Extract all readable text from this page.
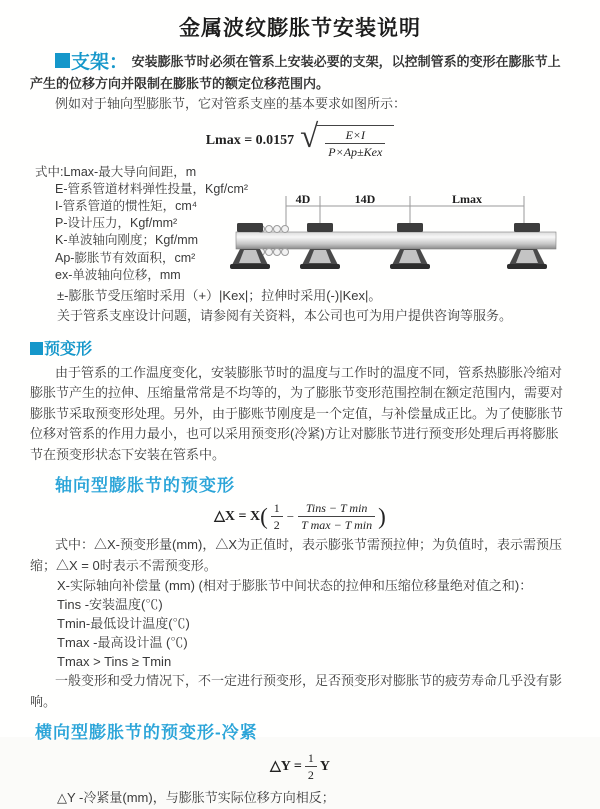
金属波纹膨胀节安装说明

支架： 安装膨胀节时必须在管系上安装必要的支架，以控制管系的变形在膨胀节上产生的位移方向并限制在膨胀节的额定位移范围内。

例如对于轴向型膨胀节，它对管系支座的基本要求如图所示：

Lmax = 0.0157 √ $\frac{E\times I}{\text{P×Ap±Kex}}$
式中:Lmax-最大导向间距，m
E-管系管道材料弹性投量，Kgf/cm²
I-管系管道的惯性矩，cm⁴
P-设计压力，Kgf/mm²
K-单波轴向刚度；Kgf/mm
Ap-膨胀节有效面积，cm²
ex-单波轴向位移，mm
4D	14D	Lmax

±-膨胀节受压缩时采用（+）|Kex|；拉伸时采用(-)|Kex|。

关于管系支座设计问题，请参阅有关资料，本公司也可为用户提供咨询等服务。

预变形

由于管系的工作温度变化，安装膨胀节时的温度与工作时的温度不同，管系热膨胀冷缩对膨胀节产生的拉伸、压缩量常常是不均等的，为了膨胀节变形范围控制在额定范围内，需要对膨胀节采取预变形处理。另外，由于膨账节刚度是一个定值，与补偿量成正比。为了使膨胀节位移对管系的作用力最小，也可以采用预变形(冷紧)方让对膨胀节进行预变形处理后再将膨胀节在预变形状态下安装在管系中。

轴向型膨胀节的预变形
△X = X ( $\frac{1}{2} - \frac{\text{Tins − T min}}{\text{T max − T min}}$ )

式中：△X-预变形量(mm)，△X为正值时，表示膨张节需预拉伸；为负值时，表示需预压缩；△X = 0时表示不需预变形。

X-实际轴向补偿量 (mm) (相对于膨胀节中间状态的拉伸和压缩位移量绝对值之和)：

Tins -安装温度(℃)

Tmin-最低设计温度(℃)

Tmax -最高设计温 (℃)

Tmax > Tins ≥ Tmin

一般变形和受力情况下，不一定进行预变形，足否预变形对膨胀节的疲劳寿命几乎没有影响。

横向型膨胀节的预变形-冷紧
△Y = $\frac{1}{2}$ Y

△Y -冷紧量(mm)，与膨胀节实际位移方向相反；
